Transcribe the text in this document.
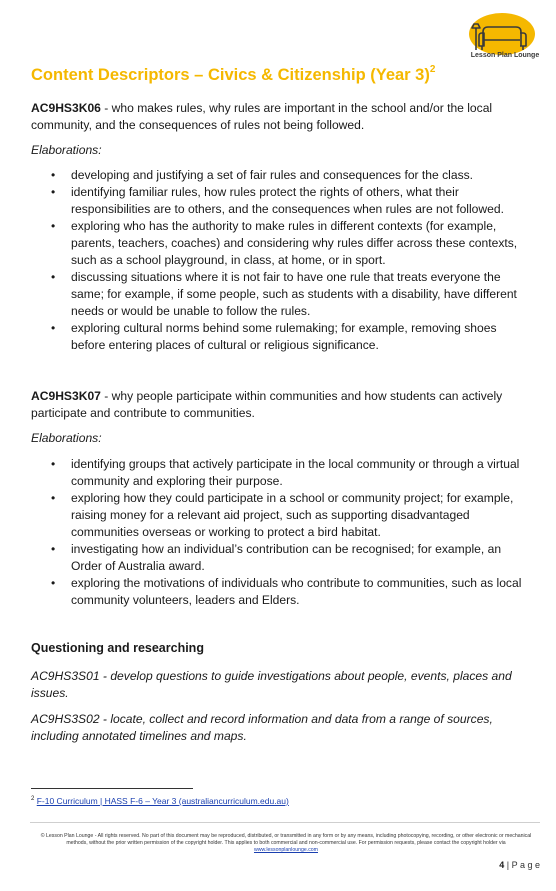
Lesson Plan Lounge
Content Descriptors – Civics & Citizenship (Year 3)$^2$

AC9HS3K06 - who makes rules, why rules are important in the school and/or the local community, and the consequences of rules not being followed.

Elaborations:

• developing and justifying a set of fair rules and consequences for the class.
• identifying familiar rules, how rules protect the rights of others, what their responsibilities are to others, and the consequences when rules are not followed.
• exploring who has the authority to make rules in different contexts (for example, parents, teachers, coaches) and considering why rules differ across these contexts, such as a school playground, in class, at home, or in sport.
• discussing situations where it is not fair to have one rule that treats everyone the same; for example, if some people, such as students with a disability, have different needs or would be unable to follow the rules.
• exploring cultural norms behind some rulemaking; for example, removing shoes before entering places of cultural or religious significance.

AC9HS3K07 - why people participate within communities and how students can actively participate and contribute to communities.

Elaborations:

• identifying groups that actively participate in the local community or through a virtual community and exploring their purpose.
• exploring how they could participate in a school or community project; for example, raising money for a relevant aid project, such as supporting disadvantaged communities overseas or working to protect a bird habitat.
• investigating how an individual’s contribution can be recognised; for example, an Order of Australia award.
• exploring the motivations of individuals who contribute to communities, such as local community volunteers, leaders and Elders.

Questioning and researching

AC9HS3S01 - develop questions to guide investigations about people, events, places and issues.

AC9HS3S02 - locate, collect and record information and data from a range of sources, including annotated timelines and maps.

$^2$ F-10 Curriculum | HASS F-6 – Year 3 (australiancurriculum.edu.au)
© Lesson Plan Lounge - All rights reserved. No part of this document may be reproduced, distributed, or transmitted in any form or by any means, including photocopying, recording, or other electronic or mechanical methods, without the prior written permission of the copyright holder. This applies to both commercial and non-commercial use. For permission requests, please contact the copyright holder via www.lessonplanlounge.com
4 | P a g e
